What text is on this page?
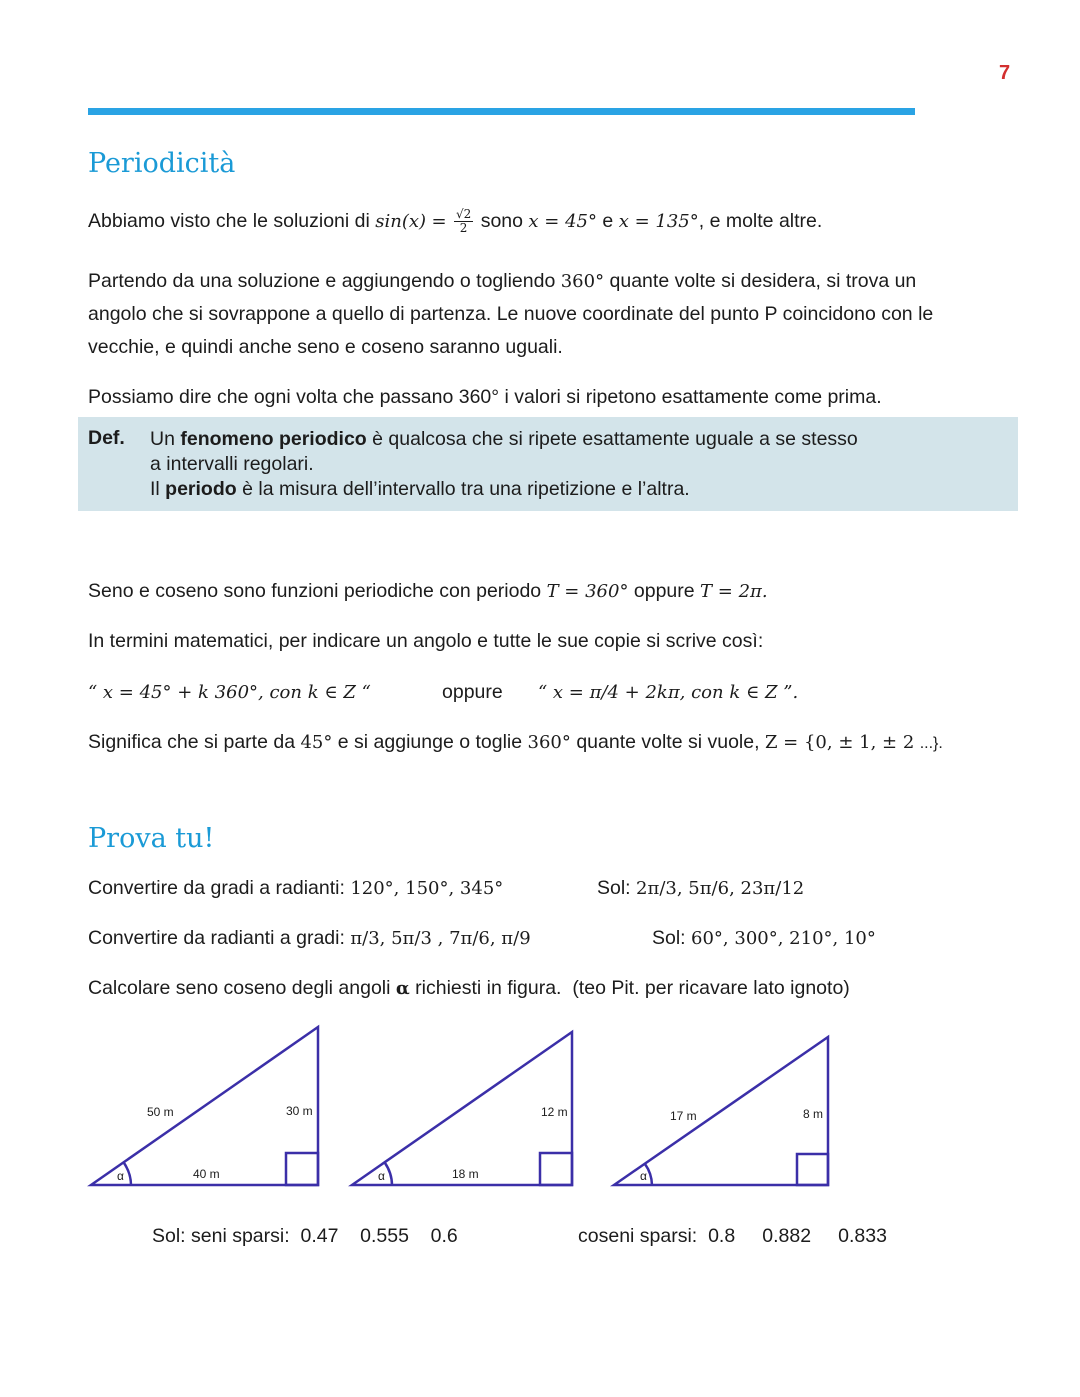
7
Periodicità
Abbiamo visto che le soluzioni di $\sin(x) = \frac{√2}{2}$ sono x = 45° e x = 135°, e molte altre.
Partendo da una soluzione e aggiungendo o togliendo 360° quante volte si desidera, si trova un
angolo che si sovrappone a quello di partenza. Le nuove coordinate del punto P coincidono con le
vecchie, e quindi anche seno e coseno saranno uguali.
Possiamo dire che ogni volta che passano 360° i valori si ripetono esattamente come prima.
Def. Un fenomeno periodico è qualcosa che si ripete esattamente uguale a se stesso
a intervalli regolari.
Il periodo è la misura dell’intervallo tra una ripetizione e l’altra.
Seno e coseno sono funzioni periodiche con periodo T = 360° oppure T = 2π.
In termini matematici, per indicare un angolo e tutte le sue copie si scrive così:
“ x = 45° + k 360°, con k ∈ Z “	oppure “ x = π/4 + 2kπ, con k ∈ Z ”.
Significa che si parte da 45° e si aggiunge o toglie 360° quante volte si vuole, Z = {0, ± 1, ± 2 ...}.
Prova tu!
Convertire da gradi a radianti: 120°, 150°, 345°	Sol: 2π/3, 5π/6, 23π/12
Convertire da radianti a gradi: π/3, 5π/3 , 7π/6, π/9	Sol: 60°, 300°, 210°, 10°
Calcolare seno coseno degli angoli α richiesti in figura. (teo Pit. per ricavare lato ignoto)
50 m	30 m
40 m
α
12 m
18 m
α
17 m	8 m
α
Sol: seni sparsi: 0.47 0.555 0.6	coseni sparsi: 0.8 0.882 0.833
